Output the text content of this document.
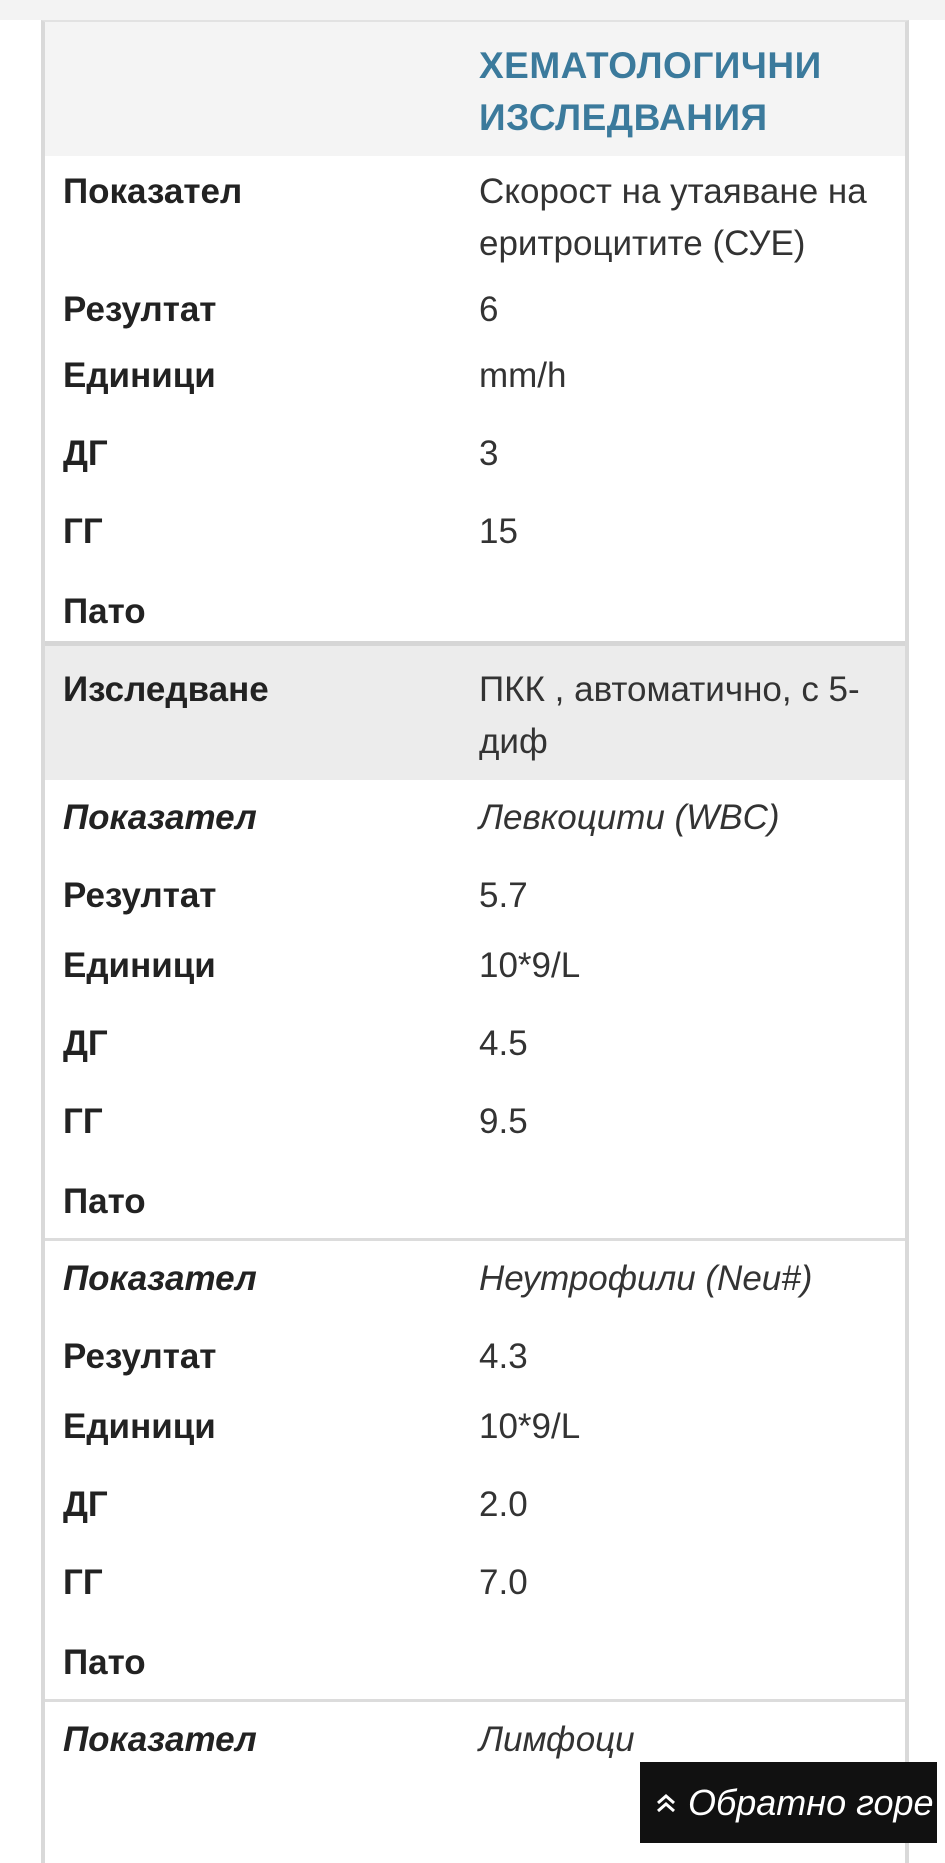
ХЕМАТОЛОГИЧНИ ИЗСЛЕДВАНИЯ
Показател	Скорост на утаяване на еритроцитите (СУЕ)
Резултат	6
Единици	mm/h
ДГ	3
ГГ	15
Пато
Изследване	ПКК , автоматично, с 5-диф
Показател	Левкоцити (WBC)
Резултат	5.7
Единици	10*9/L
ДГ	4.5
ГГ	9.5
Пато
Показател	Неутрофили (Neu#)
Резултат	4.3
Единици	10*9/L
ДГ	2.0
ГГ	7.0
Пато
Показател	Лимфоци
Обратно горе
